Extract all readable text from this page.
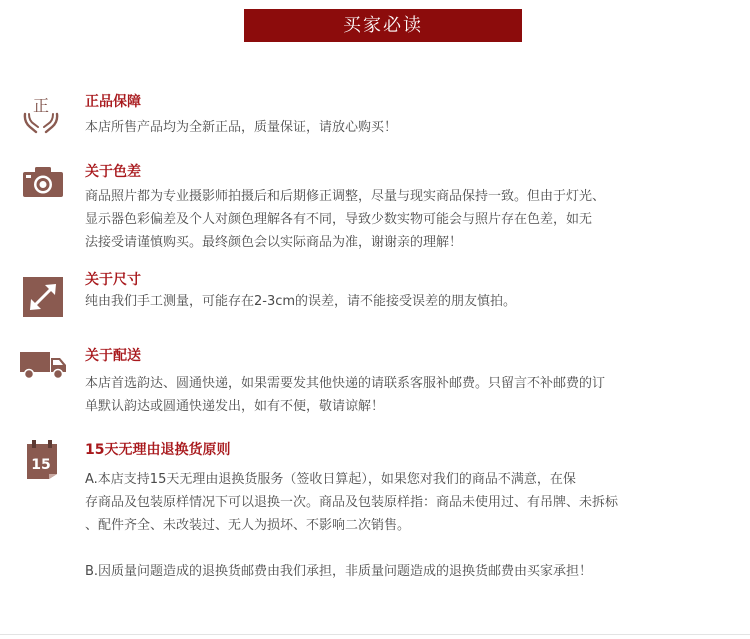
买家必读
正	正品保障

本店所售产品均为全新正品，质量保证，请放心购买！

关于色差

商品照片都为专业摄影师拍摄后和后期修正调整，尽量与现实商品保持一致。但由于灯光、

显示器色彩偏差及个人对颜色理解各有不同，导致少数实物可能会与照片存在色差，如无

法接受请谨慎购买。最终颜色会以实际商品为准，谢谢亲的理解！

关于尺寸

纯由我们手工测量，可能存在2-3cm的误差，请不能接受误差的朋友慎拍。

关于配送

本店首选韵达、圆通快递，如果需要发其他快递的请联系客服补邮费。只留言不补邮费的订

单默认韵达或圆通快递发出，如有不便，敬请谅解！

15
15天无理由退换货原则

A.本店支持15天无理由退换货服务（签收日算起），如果您对我们的商品不满意，在保

存商品及包装原样情况下可以退换一次。商品及包装原样指：商品未使用过、有吊牌、未拆标

、配件齐全、未改装过、无人为损坏、不影响二次销售。

B.因质量问题造成的退换货邮费由我们承担，非质量问题造成的退换货邮费由买家承担！
